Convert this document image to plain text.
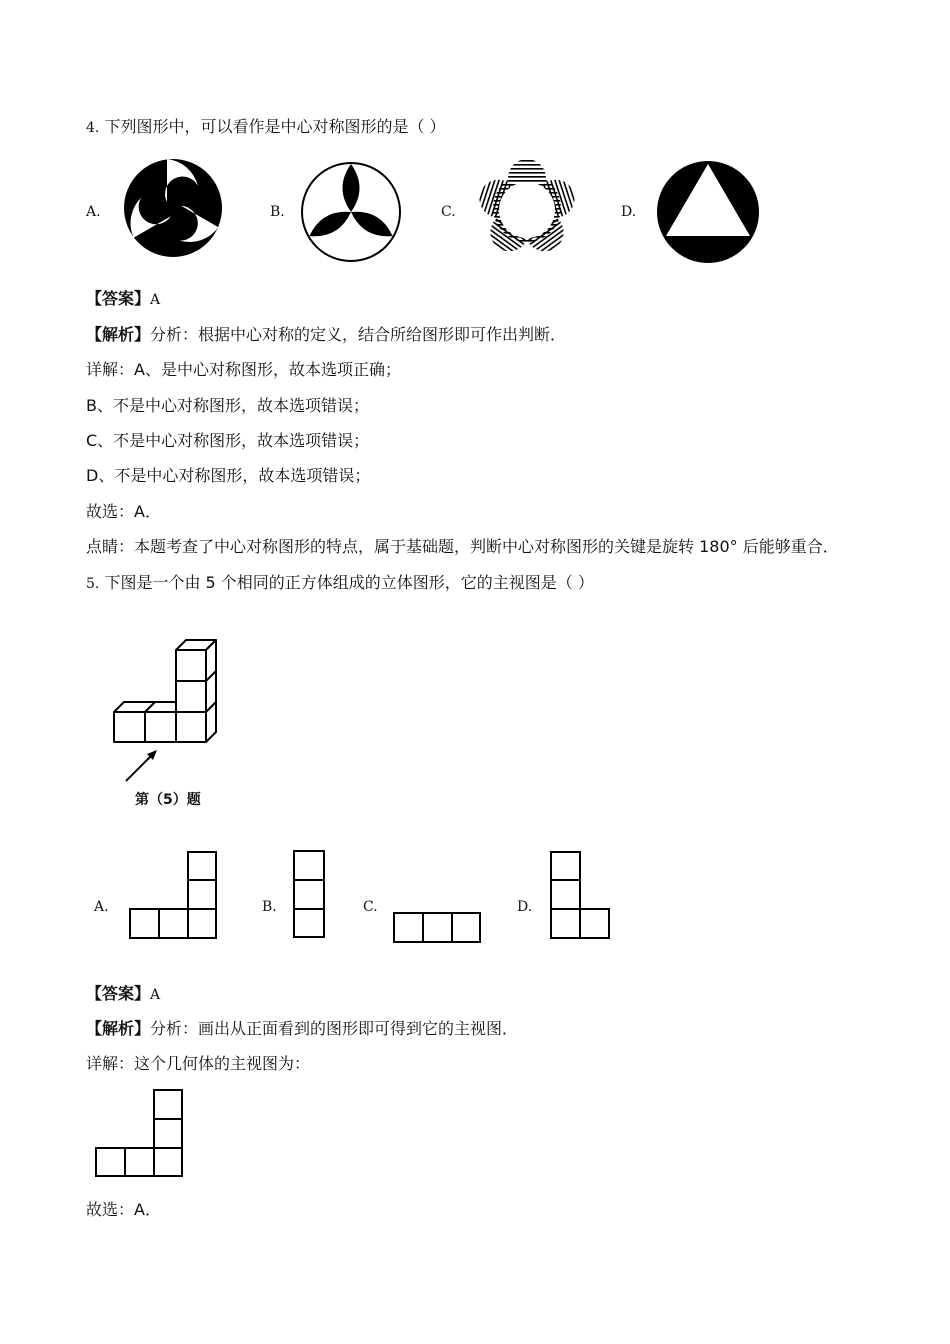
4. 下列图形中，可以看作是中心对称图形的是（ ）
A.	B.	C.	D.
【答案】A
【解析】分析：根据中心对称的定义，结合所给图形即可作出判断．
详解：A、是中心对称图形，故本选项正确；
B、不是中心对称图形，故本选项错误；
C、不是中心对称图形，故本选项错误；
D、不是中心对称图形，故本选项错误；
故选：A．
点睛：本题考查了中心对称图形的特点，属于基础题，判断中心对称图形的关键是旋转 180° 后能够重合．
5. 下图是一个由 5 个相同的正方体组成的立体图形，它的主视图是（ ）
第（5）题
A.	B.	C.	D.
【答案】A
【解析】分析：画出从正面看到的图形即可得到它的主视图．
详解：这个几何体的主视图为：
故选：A．
